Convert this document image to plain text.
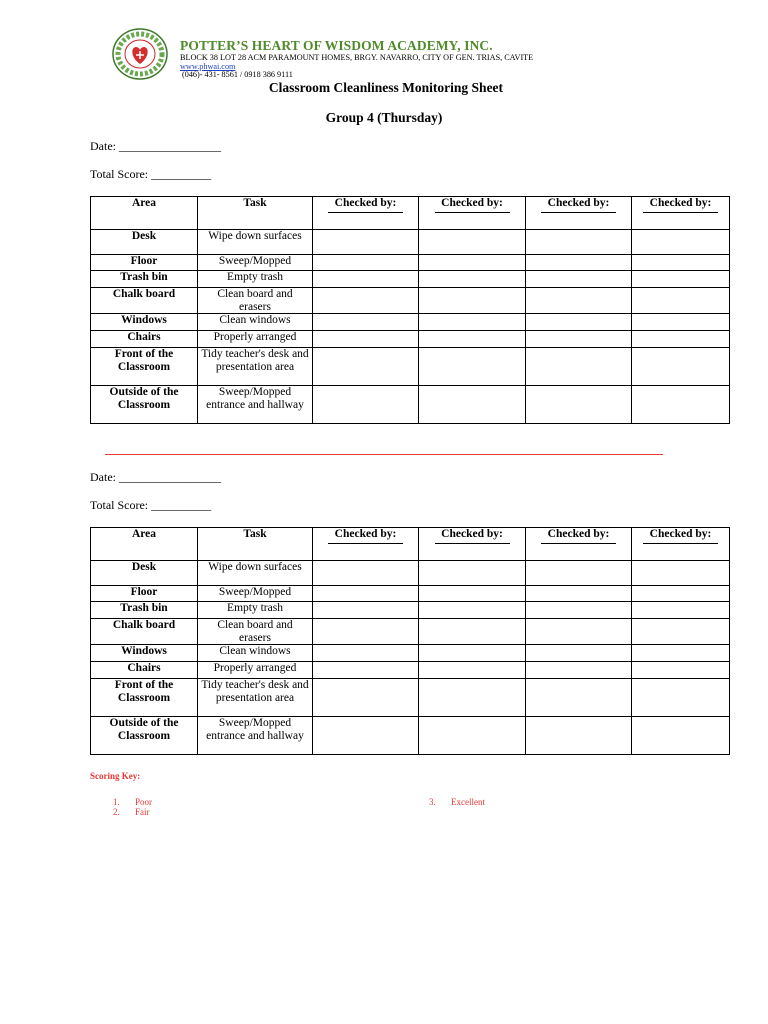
POTTER’S HEART OF WISDOM ACADEMY, INC.
BLOCK 38 LOT 28 ACM PARAMOUNT HOMES, BRGY. NAVARRO, CITY OF GEN. TRIAS, CAVITE
www.phwai.com
(046)- 431- 8561 / 0918 386 9111
Classroom Cleanliness Monitoring Sheet
Group 4 (Thursday)
Date: _________________
Total Score: __________
Area	Task	Checked by:	Checked by:	Checked by:	Checked by:

Desk	Wipe down surfaces				
Floor	Sweep/Mopped				
Trash bin	Empty trash				
Chalk board	Clean board and erasers				
Windows	Clean windows				
Chairs	Properly arranged				
Front of the Classroom	Tidy teacher's desk and presentation area				
Outside of the Classroom	Sweep/Mopped entrance and hallway				
Date: _________________
Total Score: __________
Area	Task	Checked by:	Checked by:	Checked by:	Checked by:

Desk	Wipe down surfaces				
Floor	Sweep/Mopped				
Trash bin	Empty trash				
Chalk board	Clean board and erasers				
Windows	Clean windows				
Chairs	Properly arranged				
Front of the Classroom	Tidy teacher's desk and presentation area				
Outside of the Classroom	Sweep/Mopped entrance and hallway				
Scoring Key:
1. Poor
2. Fair
3. Excellent
